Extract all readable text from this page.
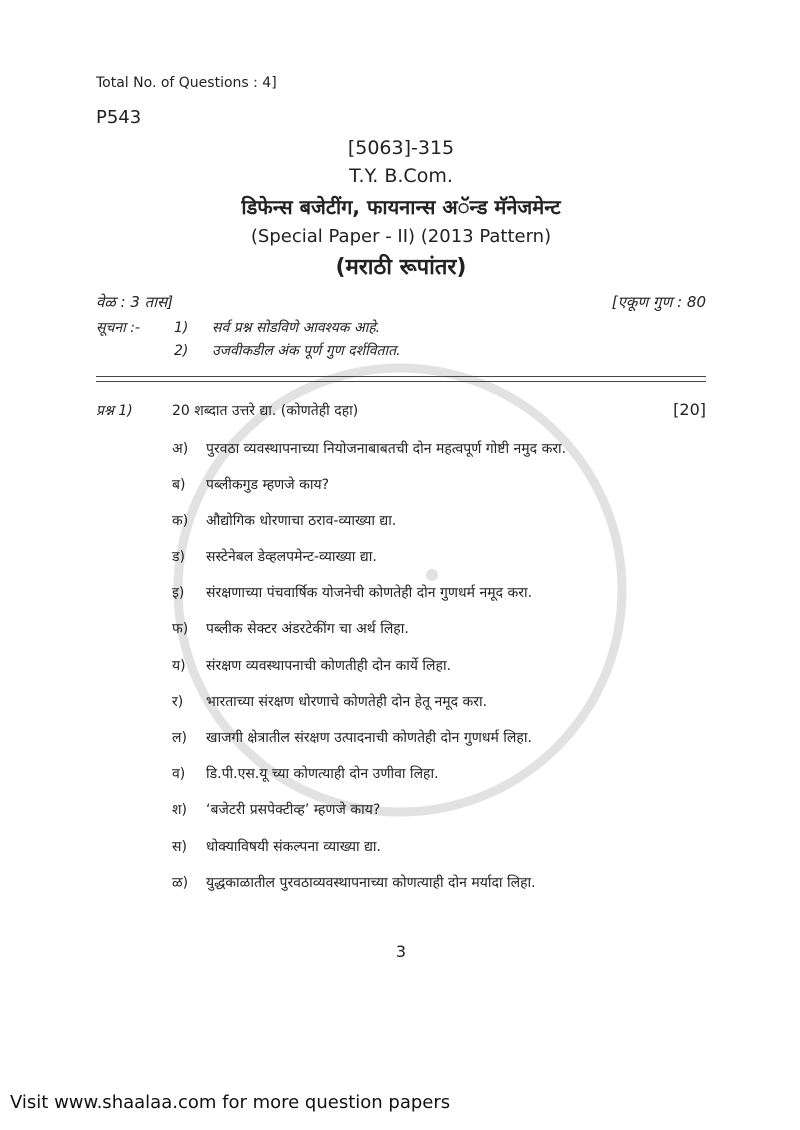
Total No. of Questions : 4]
P543
[5063]-315
T.Y. B.Com.
डिफेन्स बजेटींग, फायनान्स अॅन्ड मॅनेजमेन्ट
(Special Paper - II) (2013 Pattern)
(मराठी रूपांतर)
वेळ : 3 तास]	[एकूण गुण : 80
सूचना :-	1)	सर्व प्रश्न सोडविणे आवश्यक आहे.
2)	उजवीकडील अंक पूर्ण गुण दर्शवितात.
प्रश्न 1)	20 शब्दात उत्तरे द्या. (कोणतेही दहा)	[20]
अ)	पुरवठा व्यवस्थापनाच्या नियोजनाबाबतची दोन महत्वपूर्ण गोष्टी नमुद करा.
ब)	पब्लीकगुड म्हणजे काय?
क)	औद्योगिक धोरणाचा ठराव-व्याख्या द्या.
ड)	सस्टेनेबल डेव्हलपमेन्ट-व्याख्या द्या.
इ)	संरक्षणाच्या पंचवार्षिक योजनेची कोणतेही दोन गुणधर्म नमूद करा.
फ)	पब्लीक सेक्टर अंडरटेकींग चा अर्थ लिहा.
य)	संरक्षण व्यवस्थापनाची कोणतीही दोन कार्ये लिहा.
र)	भारताच्या संरक्षण धोरणाचे कोणतेही दोन हेतू नमूद करा.
ल)	खाजगी क्षेत्रातील संरक्षण उत्पादनाची कोणतेही दोन गुणधर्म लिहा.
व)	डि.पी.एस.यू च्या कोणत्याही दोन उणीवा लिहा.
श)	‘बजेटरी प्रसपेक्टीव्ह’ म्हणजे काय?
स)	धोक्याविषयी संकल्पना व्याख्या द्या.
ळ)	युद्धकाळातील पुरवठाव्यवस्थापनाच्या कोणत्याही दोन मर्यादा लिहा.
3
Visit www.shaalaa.com for more question papers
